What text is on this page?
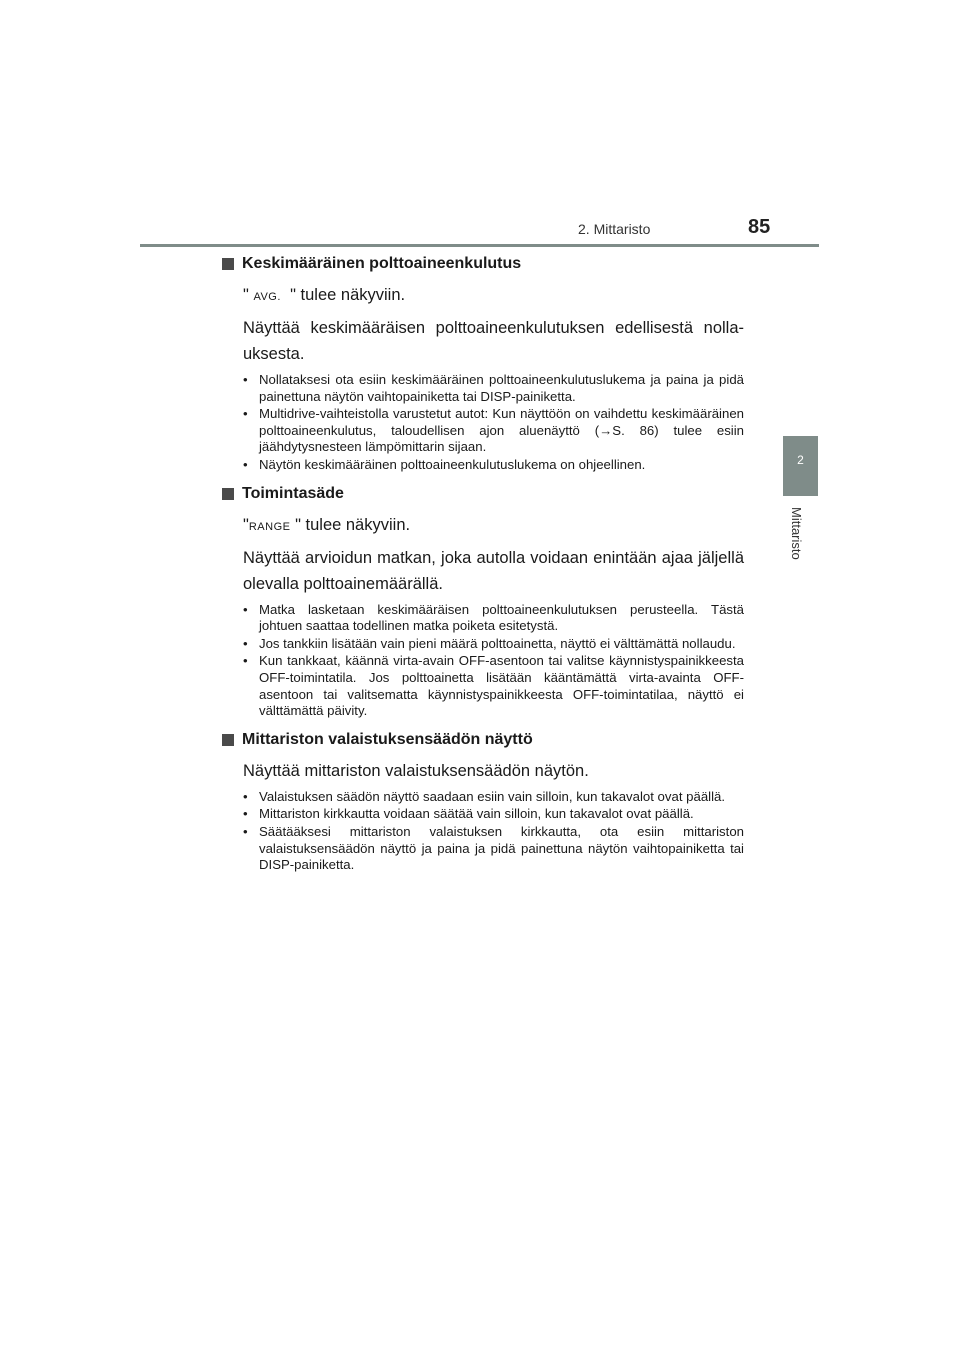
2. Mittaristo	85
2
Mittaristo
Keskimääräinen polttoaineenkulutus
" AVG. " tulee näkyviin.
Näyttää keskimääräisen polttoaineenkulutuksen edellisestä nollauksesta.
• Nollataksesi ota esiin keskimääräinen polttoaineenkulutuslukema ja paina ja pidä painettuna näytön vaihtopainiketta tai DISP-painiketta.
• Multidrive-vaihteistolla varustetut autot: Kun näyttöön on vaihdettu keskimääräinen polttoaineenkulutus, taloudellisen ajon aluenäyttö (→S. 86) tulee esiin jäähdytysnesteen lämpömittarin sijaan.
• Näytön keskimääräinen polttoaineenkulutuslukema on ohjeellinen.
Toimintasäde
"RANGE " tulee näkyviin.
Näyttää arvioidun matkan, joka autolla voidaan enintään ajaa jäljellä olevalla polttoainemäärällä.
• Matka lasketaan keskimääräisen polttoaineenkulutuksen perusteella. Tästä johtuen saattaa todellinen matka poiketa esitetystä.
• Jos tankkiin lisätään vain pieni määrä polttoainetta, näyttö ei välttämättä nollaudu.
• Kun tankkaat, käännä virta-avain OFF-asentoon tai valitse käynnistyspainikkeesta OFF-toimintatila. Jos polttoainetta lisätään kääntämättä virta-avainta OFF-asentoon tai valitsematta käynnistyspainikkeesta OFF-toimintatilaa, näyttö ei välttämättä päivity.
Mittariston valaistuksensäädön näyttö
Näyttää mittariston valaistuksensäädön näytön.
• Valaistuksen säädön näyttö saadaan esiin vain silloin, kun takavalot ovat päällä.
• Mittariston kirkkautta voidaan säätää vain silloin, kun takavalot ovat päällä.
• Säätääksesi mittariston valaistuksen kirkkautta, ota esiin mittariston valaistuksensäädön näyttö ja paina ja pidä painettuna näytön vaihtopainiketta tai DISP-painiketta.
